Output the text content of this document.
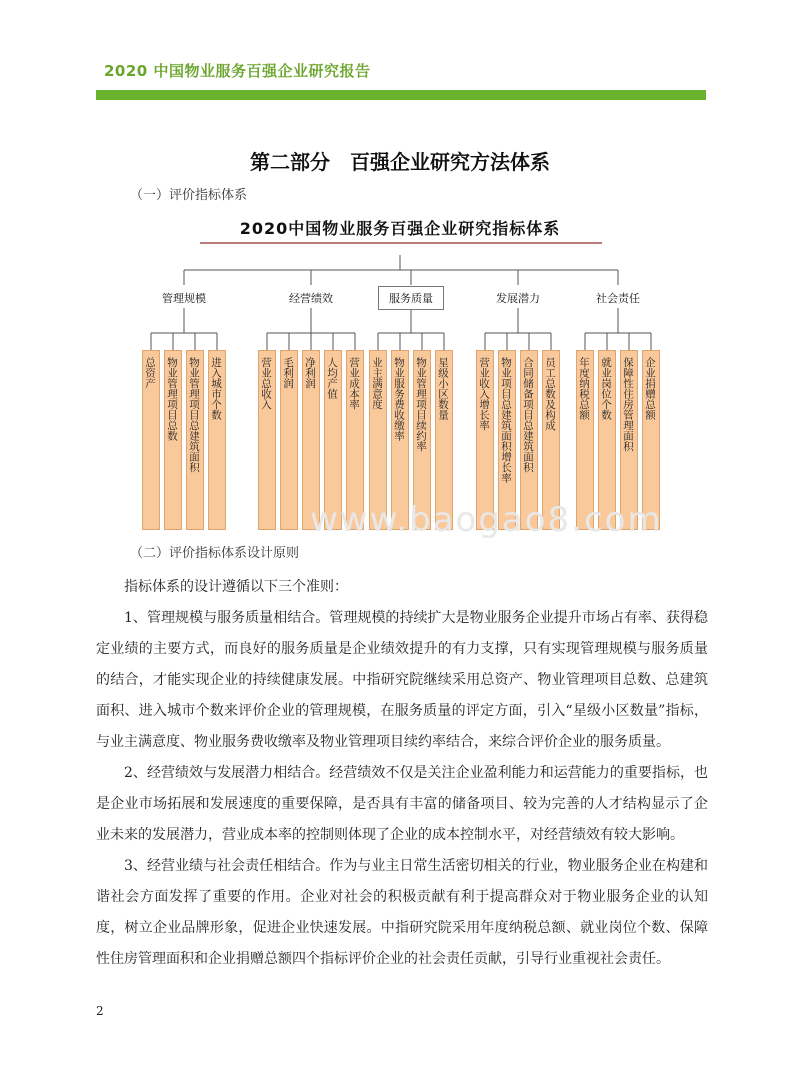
2020 中国物业服务百强企业研究报告
第二部分　百强企业研究方法体系
（一）评价指标体系
2020中国物业服务百强企业研究指标体系
管理规模
总资产 物业管理项目总数 物业管理项目总建筑面积 进入城市个数
经营绩效
营业总收入 毛利润 净利润 人均产值 营业成本率
服务质量
业主满意度 物业服务费收缴率 物业管理项目续约率 星级小区数量
发展潜力
营业收入增长率 物业项目总建筑面积增长率 合同储备项目总建筑面积 员工总数及构成
社会责任
年度纳税总额 就业岗位个数 保障性住房管理面积 企业捐赠总额
www.baogao8.com
（二）评价指标体系设计原则

指标体系的设计遵循以下三个准则：

1、管理规模与服务质量相结合。管理规模的持续扩大是物业服务企业提升市场占有率、获得稳定业绩的主要方式，而良好的服务质量是企业绩效提升的有力支撑，只有实现管理规模与服务质量的结合，才能实现企业的持续健康发展。中指研究院继续采用总资产、物业管理项目总数、总建筑面积、进入城市个数来评价企业的管理规模，在服务质量的评定方面，引入“星级小区数量”指标，与业主满意度、物业服务费收缴率及物业管理项目续约率结合，来综合评价企业的服务质量。

2、经营绩效与发展潜力相结合。经营绩效不仅是关注企业盈利能力和运营能力的重要指标，也是企业市场拓展和发展速度的重要保障，是否具有丰富的储备项目、较为完善的人才结构显示了企业未来的发展潜力，营业成本率的控制则体现了企业的成本控制水平，对经营绩效有较大影响。

3、经营业绩与社会责任相结合。作为与业主日常生活密切相关的行业，物业服务企业在构建和谐社会方面发挥了重要的作用。企业对社会的积极贡献有利于提高群众对于物业服务企业的认知度，树立企业品牌形象，促进企业快速发展。中指研究院采用年度纳税总额、就业岗位个数、保障性住房管理面积和企业捐赠总额四个指标评价企业的社会责任贡献，引导行业重视社会责任。

2
